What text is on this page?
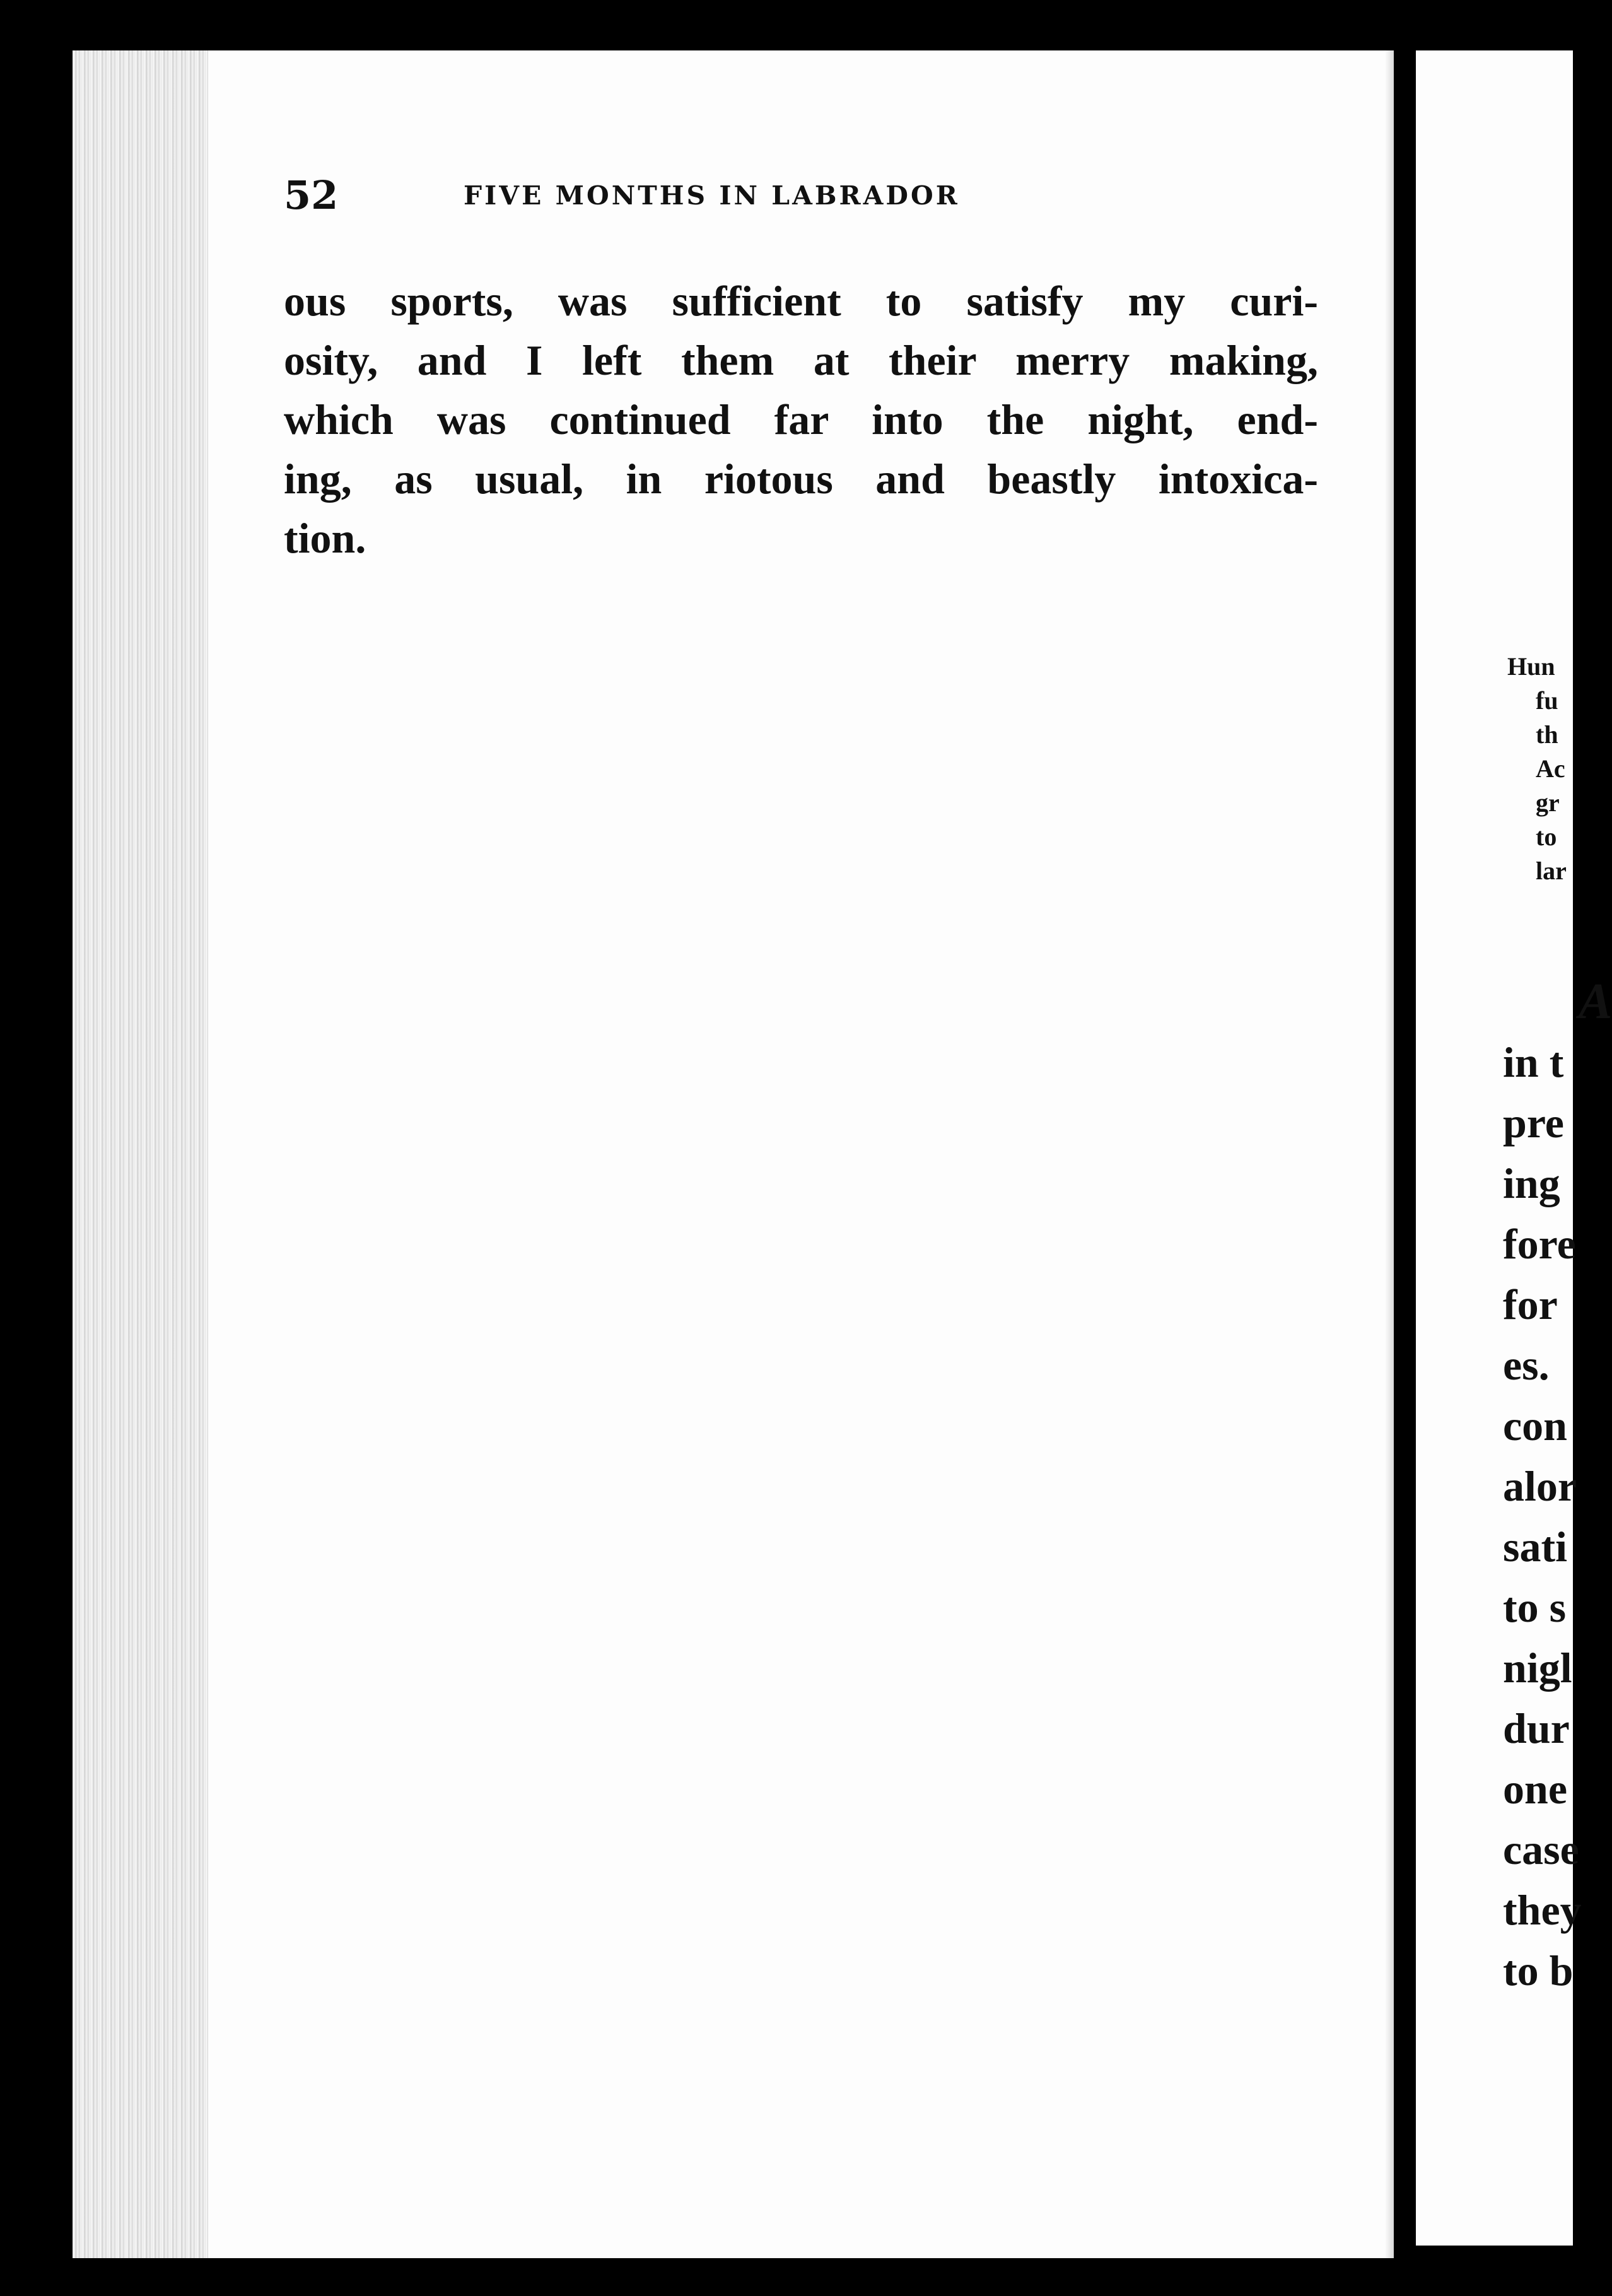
52	FIVE MONTHS IN LABRADOR
ous sports, was sufficient to satisfy my curi-
osity, and I left them at their merry making,
which was continued far into the night, end-
ing, as usual, in riotous and beastly intoxica-
tion.
Hun
fu
th
Ac
gr
to
lar
A
in t
pre
ing
fore
for
es.
con
alor
sati
to s
nigl
dur
one
case
they
to b
